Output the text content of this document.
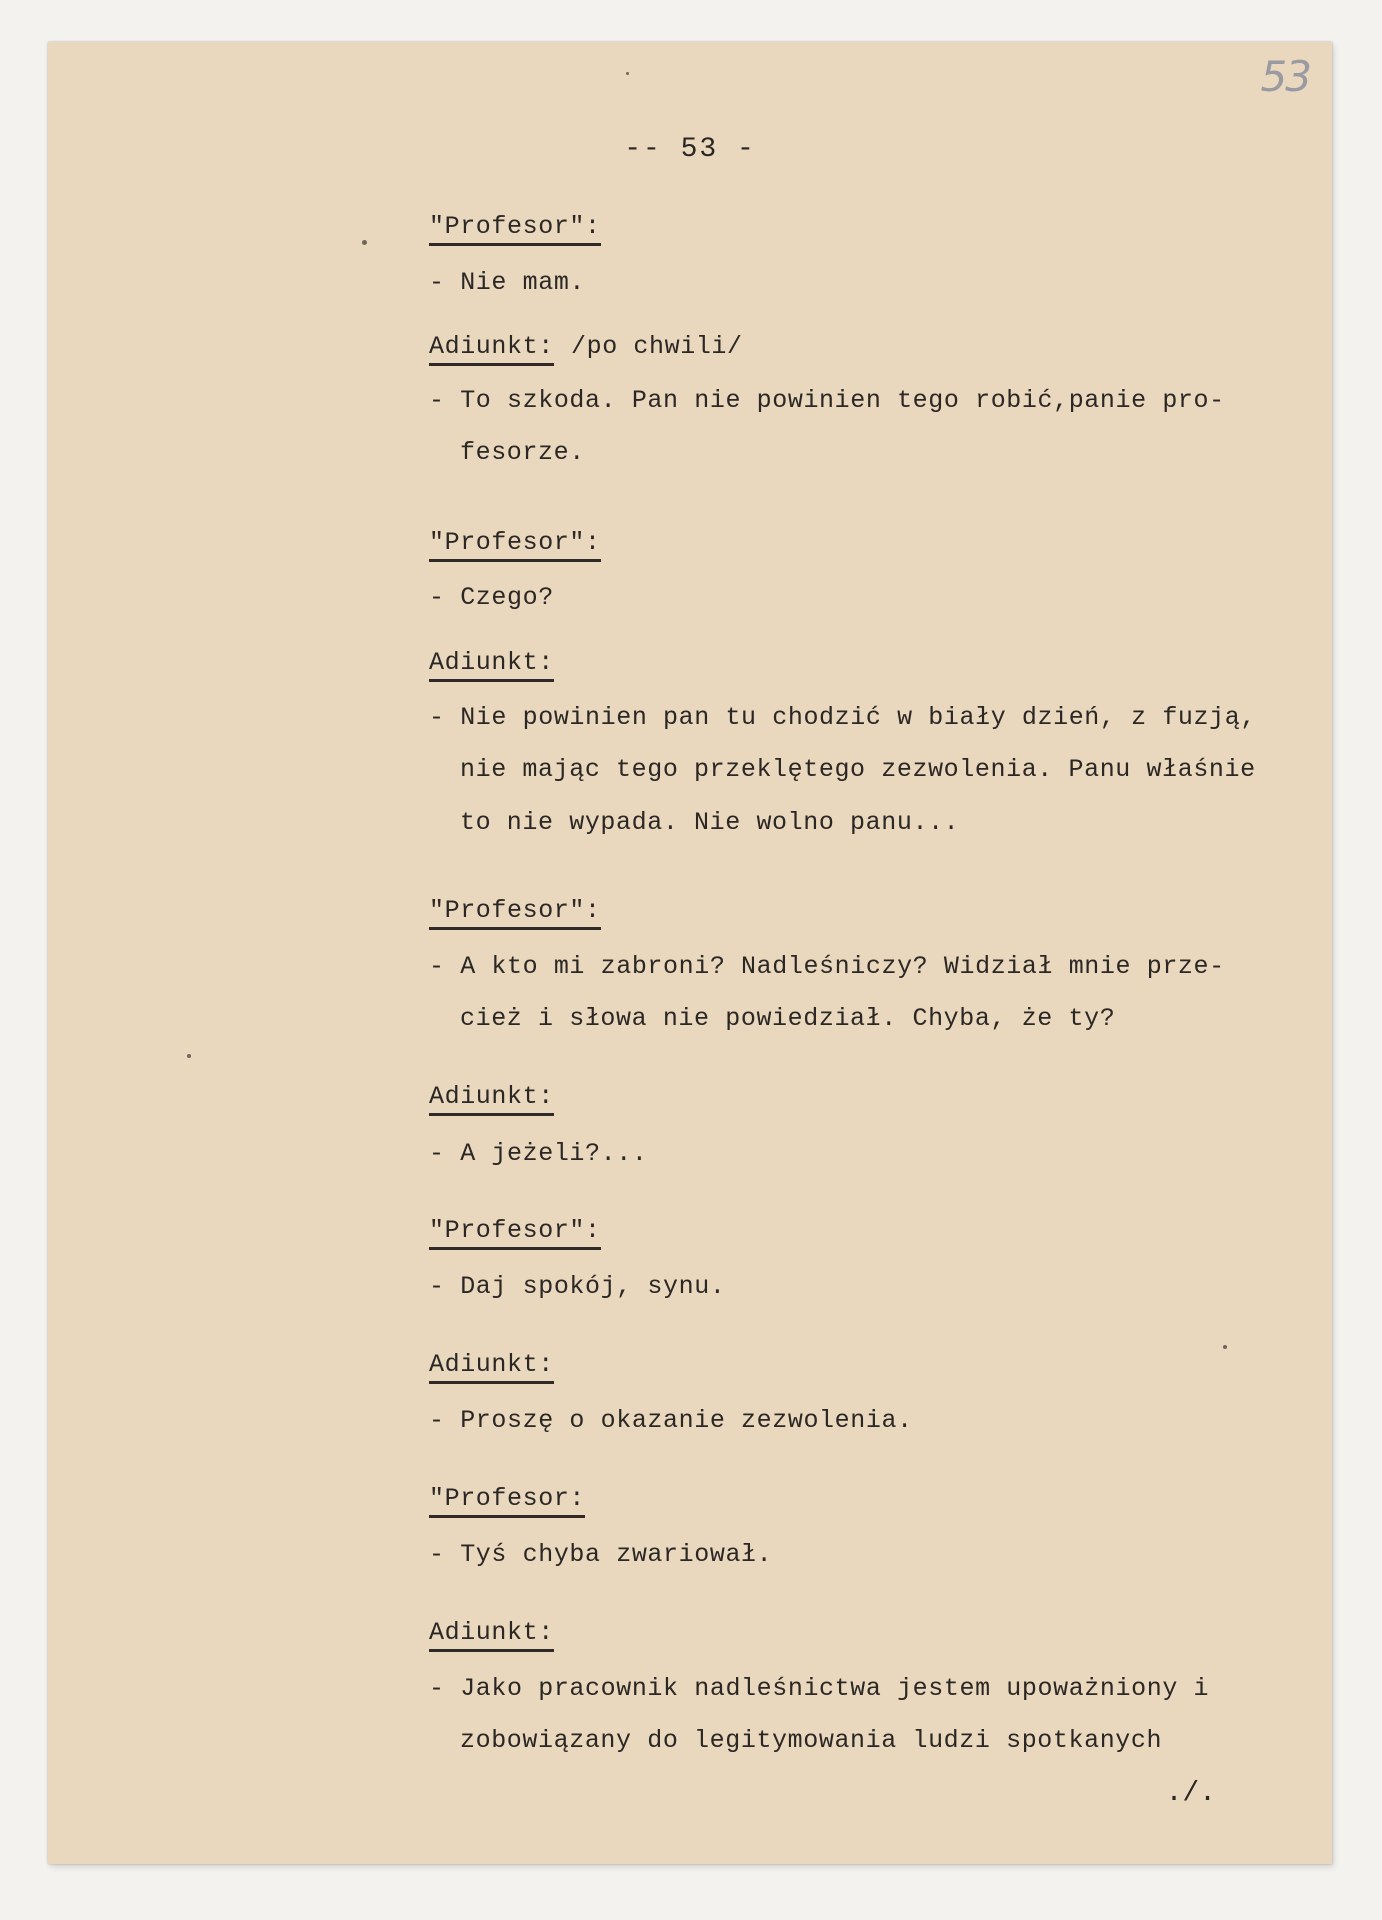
53
-- 53 -
"Profesor":
- Nie mam.
Adiunkt: /po chwili/
- To szkoda. Pan nie powinien tego robić,panie pro-
fesorze.
"Profesor":
- Czego?
Adiunkt:
- Nie powinien pan tu chodzić w biały dzień, z fuzją,
nie mając tego przeklętego zezwolenia. Panu właśnie
to nie wypada. Nie wolno panu...
"Profesor":
- A kto mi zabroni? Nadleśniczy? Widział mnie prze-
cież i słowa nie powiedział. Chyba, że ty?
Adiunkt:
- A jeżeli?...
"Profesor":
- Daj spokój, synu.
Adiunkt:
- Proszę o okazanie zezwolenia.
"Profesor:
- Tyś chyba zwariował.
Adiunkt:
- Jako pracownik nadleśnictwa jestem upoważniony i
zobowiązany do legitymowania ludzi spotkanych
./.
